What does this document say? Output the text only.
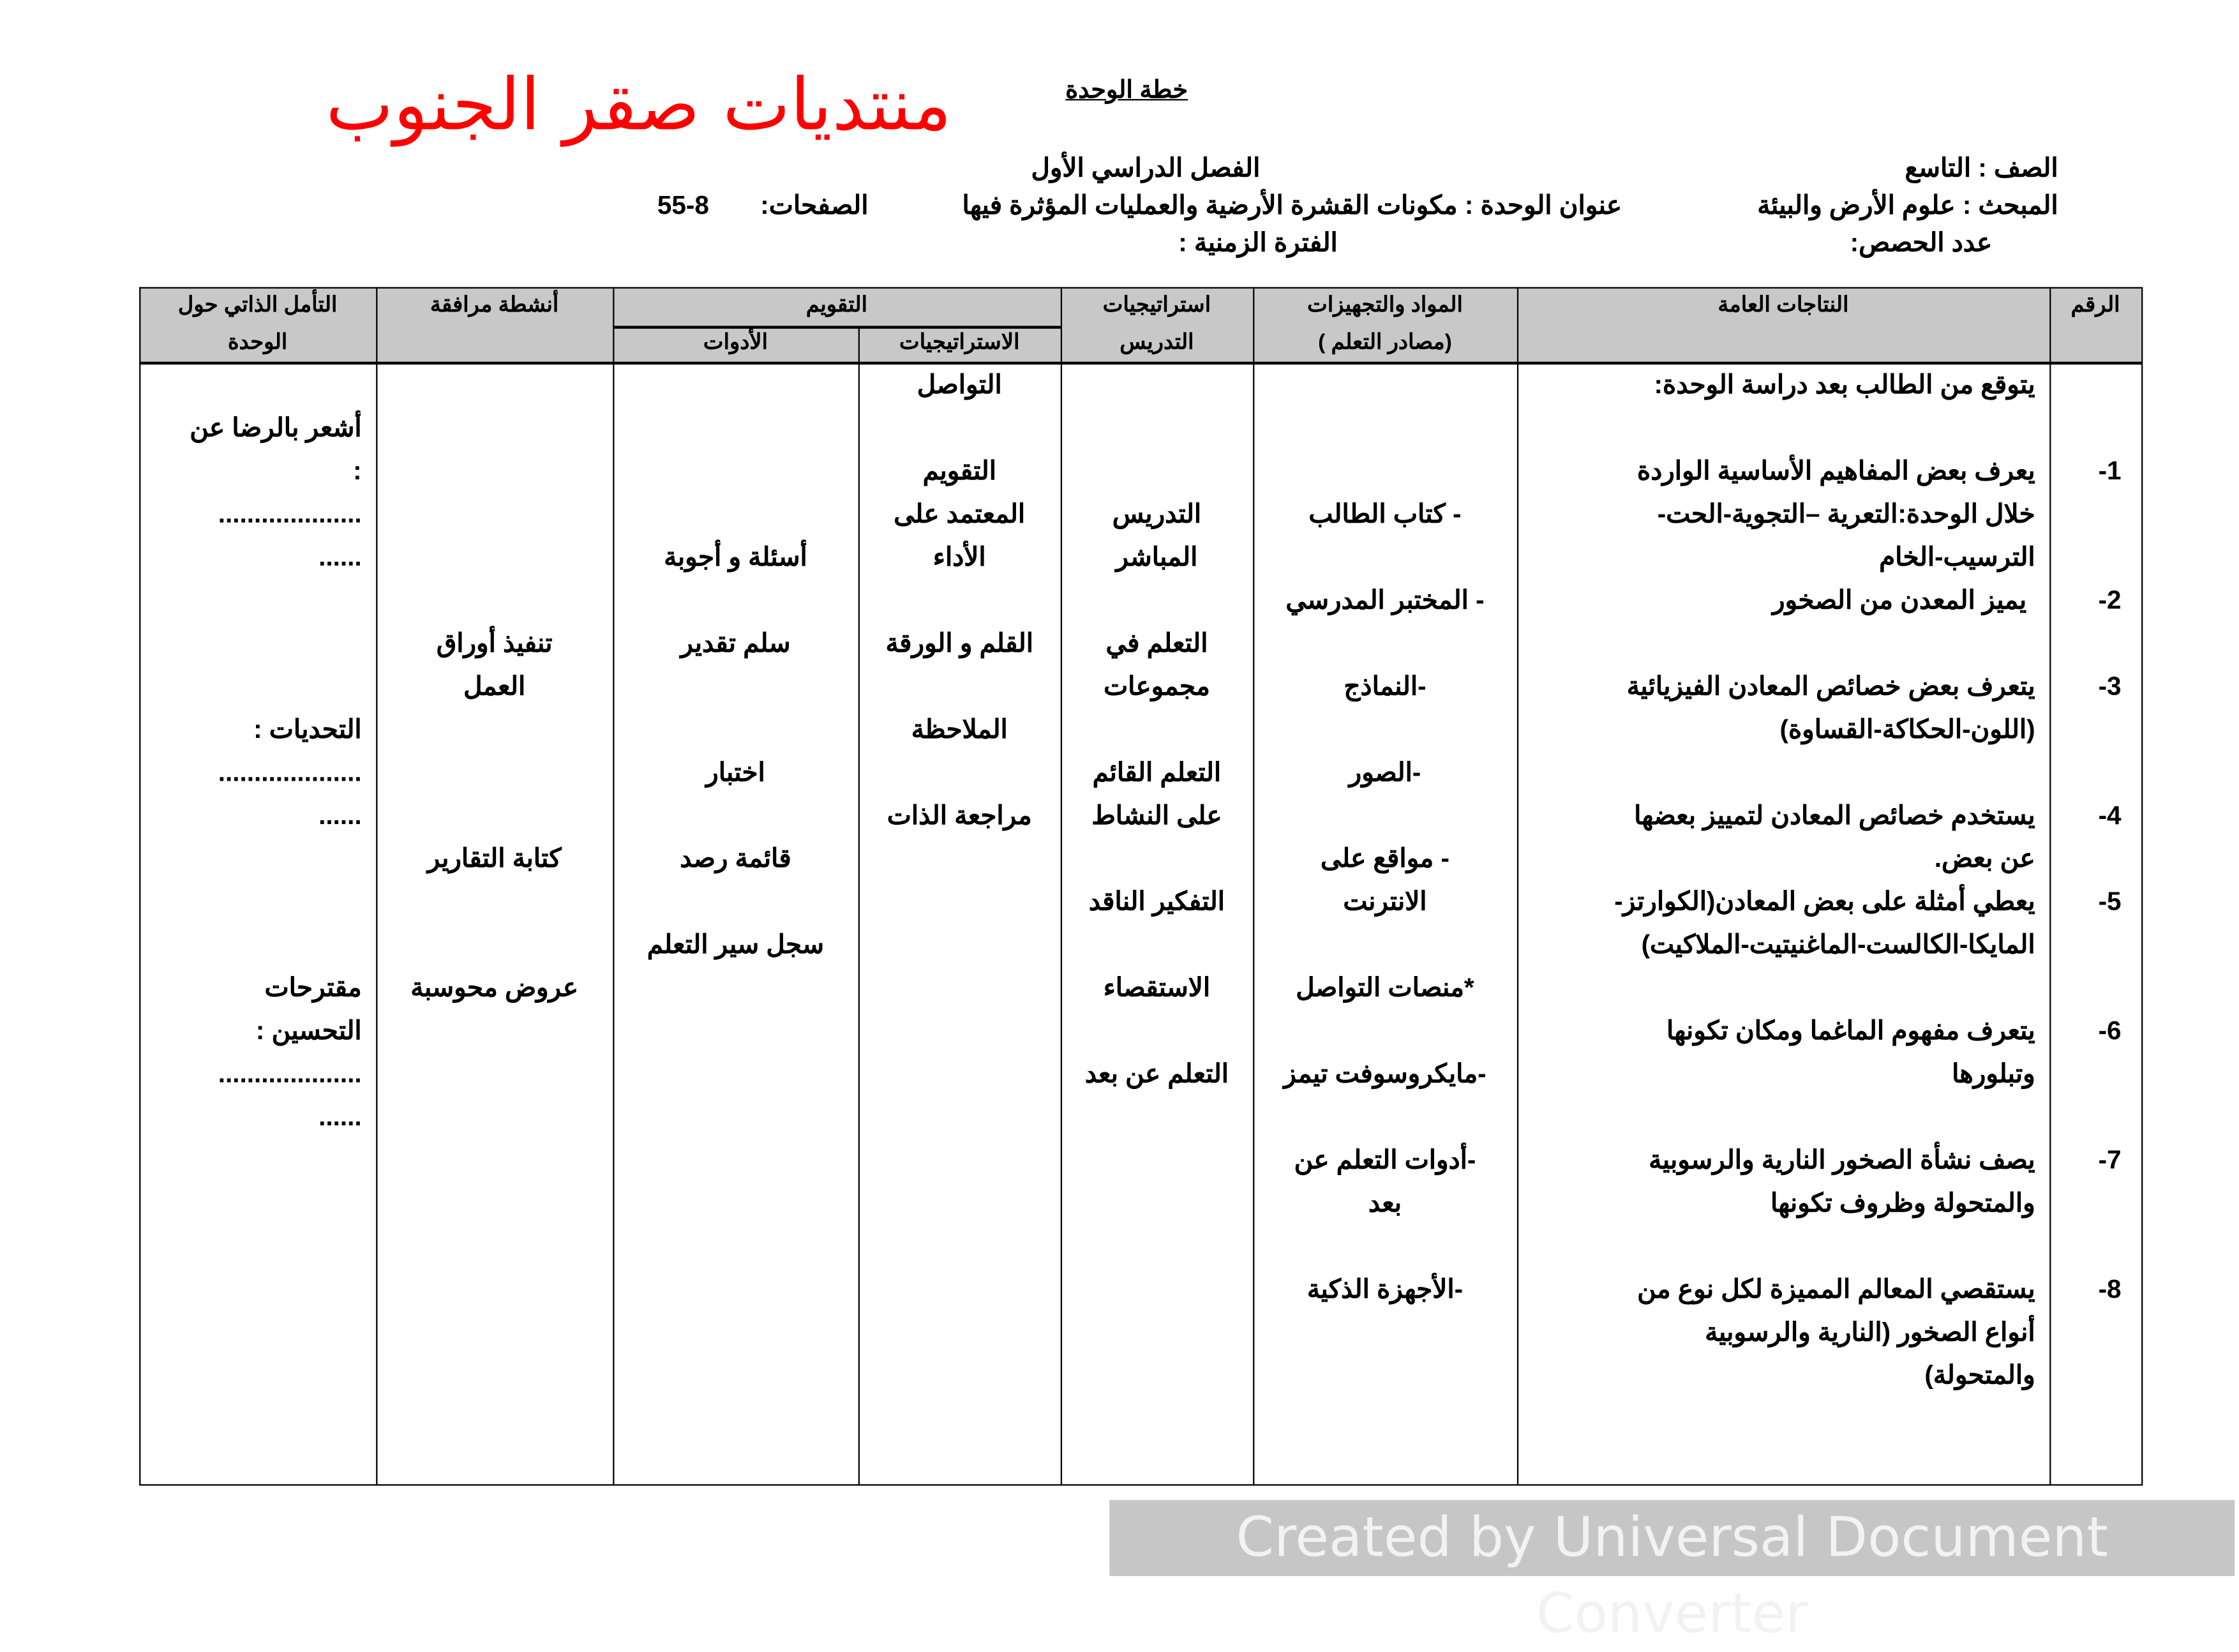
منتديات صقر الجنوب	خطة الوحدة
الصف : التاسع
الفصل الدراسي الأول
المبحث : علوم الأرض والبيئة
عنوان الوحدة : مكونات القشرة الأرضية والعمليات المؤثرة فيها
الصفحات:
55-8
عدد الحصص:
الفترة الزمنية :
الرقم
النتاجات العامة
المواد والتجهيزات
(مصادر التعلم )
استراتيجيات
التدريس
التقويم
الاستراتيجيات
الأدوات
أنشطة مرافقة
التأمل الذاتي حول
الوحدة
يتوقع من الطالب بعد دراسة الوحدة:
-1
-2
-3
-4
-5
-6
-7
-8
يعرف بعض المفاهيم الأساسية الواردة
خلال الوحدة:التعرية –التجوية-الحت-
الترسيب-الخام
يميز المعدن من الصخور
يتعرف بعض خصائص المعادن الفيزيائية
(اللون-الحكاكة-القساوة)
يستخدم خصائص المعادن لتمييز بعضها
عن بعض.
يعطي أمثلة على بعض المعادن(الكوارتز-
المايكا-الكالست-الماغنيتيت-الملاكيت)
يتعرف مفهوم الماغما ومكان تكونها
وتبلورها
يصف نشأة الصخور النارية والرسوبية
والمتحولة وظروف تكونها
يستقصي المعالم المميزة لكل نوع من
أنواع الصخور (النارية والرسوبية
والمتحولة)
- كتاب الطالب
- المختبر المدرسي
-النماذج
-الصور
- مواقع على
الانترنت
*منصات التواصل
-مايكروسوفت تيمز
-أدوات التعلم عن
بعد
-الأجهزة الذكية
التدريس
المباشر
التعلم في
مجموعات
التعلم القائم
على النشاط
التفكير الناقد
الاستقصاء
التعلم عن بعد
التواصل
التقويم
المعتمد على
الأداء
القلم و الورقة
الملاحظة
مراجعة الذات
أسئلة و أجوبة
سلم تقدير
اختبار
قائمة رصد
سجل سير التعلم
تنفيذ أوراق
العمل
كتابة التقارير
عروض محوسبة
أشعر بالرضا عن
:
....................
......
التحديات :
....................
......
مقترحات
التحسين :
....................
......
Created by Universal Document Converter
